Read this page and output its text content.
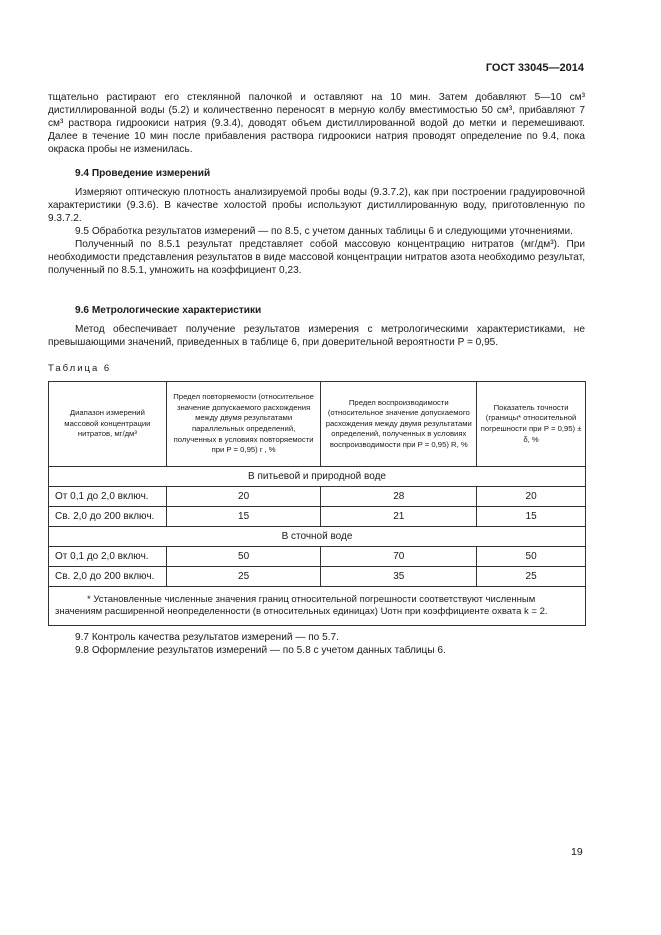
ГОСТ 33045—2014

тщательно растирают его стеклянной палочкой и оставляют на 10 мин. Затем добавляют 5—10 см³ дистиллированной воды (5.2) и количественно переносят в мерную колбу вместимостью 50 см³, прибавляют 7 см³ раствора гидроокиси натрия (9.3.4), доводят объем дистиллированной водой до метки и перемешивают. Далее в течение 10 мин после прибавления раствора гидроокиси натрия проводят определение по 9.4, пока окраска пробы не изменилась.

9.4 Проведение измерений

Измеряют оптическую плотность анализируемой пробы воды (9.3.7.2), как при построении градуировочной характеристики (9.3.6). В качестве холостой пробы используют дистиллированную воду, приготовленную по 9.3.7.2.

9.5 Обработка результатов измерений — по 8.5, с учетом данных таблицы 6 и следующими уточнениями.

Полученный по 8.5.1 результат представляет собой массовую концентрацию нитратов (мг/дм³). При необходимости представления результатов в виде массовой концентрации нитратов азота необходимо результат, полученный по 8.5.1, умножить на коэффициент 0,23.

9.6 Метрологические характеристики

Метод обеспечивает получение результатов измерения с метрологическими характеристиками, не превышающими значений, приведенных в таблице 6, при доверительной вероятности P = 0,95.

Таблица 6
Диапазон измерений массовой концентрации нитратов, мг/дм³	Предел повторяемости (относительное значение допускаемого расхождения между двумя результатами параллельных определений, полученных в условиях повторяемости при P = 0,95) r , %	Предел воспроизводимости (относительное значение допускаемого расхождения между двумя результатами определений, полученных в условиях воспроизводимости при P = 0,95) R, %	Показатель точности (границы* относительной погрешности при P = 0,95) ± δ, %
В питьевой и природной воде			
От 0,1 до 2,0 включ.	20	28	20
Св. 2,0 до 200 включ.	15	21	15
В сточной воде			
От 0,1 до 2,0 включ.	50	70	50
Св. 2,0 до 200 включ.	25	35	25
* Установленные численные значения границ относительной погрешности соответствуют численным значениям расширенной неопределенности (в относительных единицах) Uотн при коэффициенте охвата k = 2.			
9.7 Контроль качества результатов измерений — по 5.7.
9.8 Оформление результатов измерений — по 5.8 с учетом данных таблицы 6.
19
